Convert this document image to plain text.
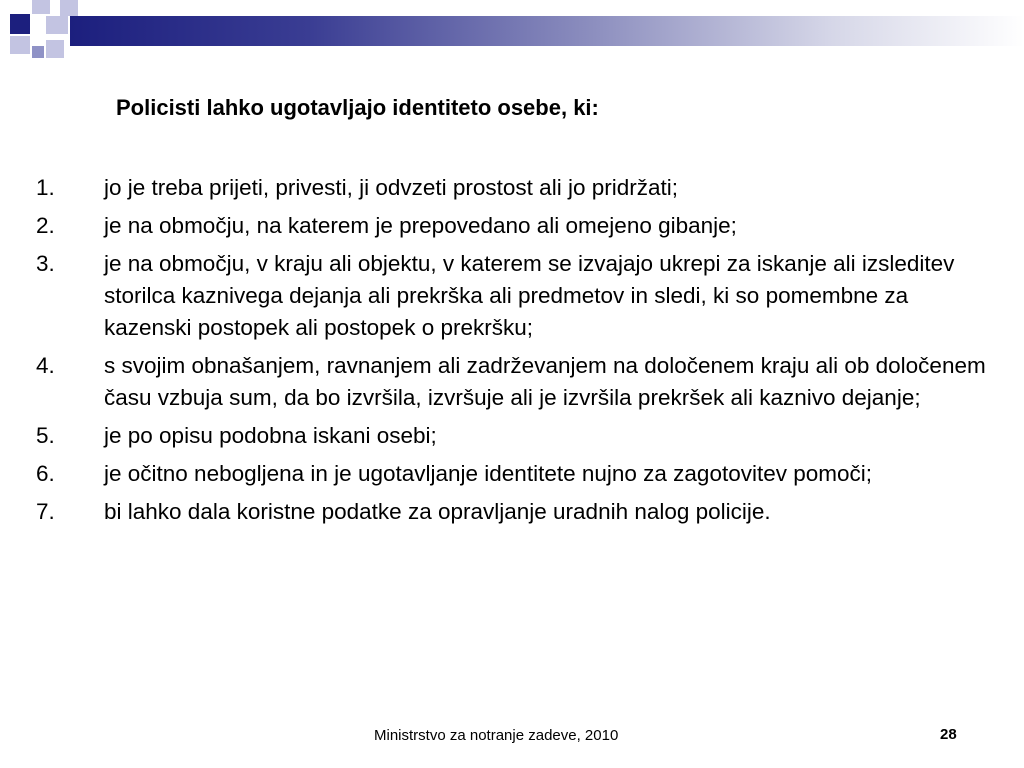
Policisti lahko ugotavljajo identiteto osebe, ki:
1. jo je treba prijeti, privesti, ji odvzeti prostost ali jo pridržati;
2. je na območju, na katerem je prepovedano ali omejeno gibanje;
3. je na območju, v kraju ali objektu, v katerem se izvajajo ukrepi za iskanje ali izsleditev storilca kaznivega dejanja ali prekrška ali predmetov in sledi, ki so pomembne za kazenski postopek ali postopek o prekršku;
4. s svojim obnašanjem, ravnanjem ali zadrževanjem na določenem kraju ali ob določenem času vzbuja sum, da bo izvršila, izvršuje ali je izvršila prekršek ali kaznivo dejanje;
5. je po opisu podobna iskani osebi;
6. je očitno nebogljena in je ugotavljanje identitete nujno za zagotovitev pomoči;
7. bi lahko dala koristne podatke za opravljanje uradnih nalog policije.
Ministrstvo za notranje zadeve, 2010	28
